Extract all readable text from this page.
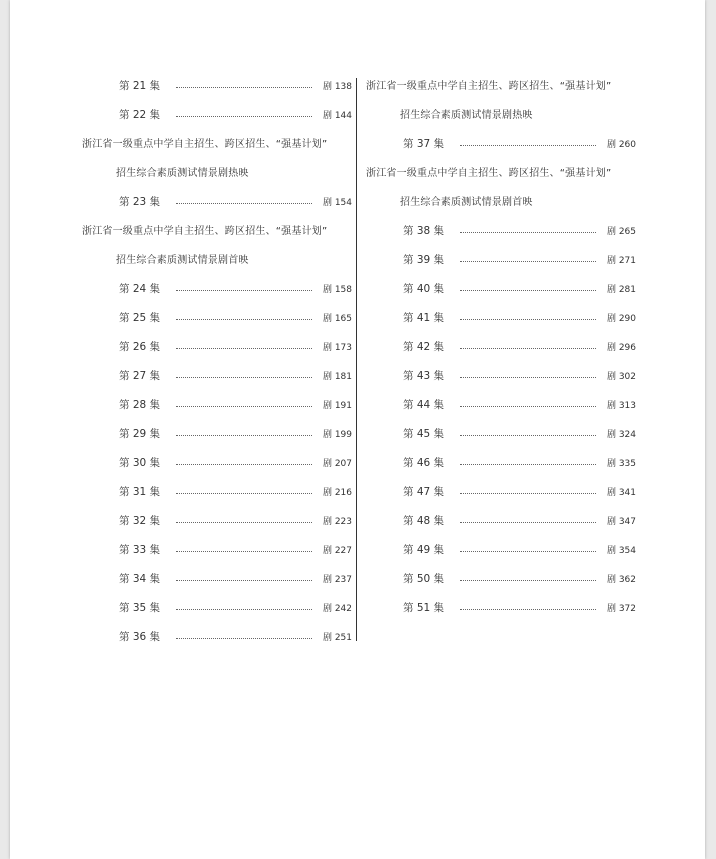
第 21 集	剧 138
第 22 集	剧 144
浙江省一级重点中学自主招生、跨区招生、“强基计划”
招生综合素质测试情景剧热映
第 23 集	剧 154
浙江省一级重点中学自主招生、跨区招生、“强基计划”
招生综合素质测试情景剧首映
第 24 集	剧 158
第 25 集	剧 165
第 26 集	剧 173
第 27 集	剧 181
第 28 集	剧 191
第 29 集	剧 199
第 30 集	剧 207
第 31 集	剧 216
第 32 集	剧 223
第 33 集	剧 227
第 34 集	剧 237
第 35 集	剧 242
第 36 集	剧 251
浙江省一级重点中学自主招生、跨区招生、“强基计划”
招生综合素质测试情景剧热映
第 37 集	剧 260
浙江省一级重点中学自主招生、跨区招生、“强基计划”
招生综合素质测试情景剧首映
第 38 集	剧 265
第 39 集	剧 271
第 40 集	剧 281
第 41 集	剧 290
第 42 集	剧 296
第 43 集	剧 302
第 44 集	剧 313
第 45 集	剧 324
第 46 集	剧 335
第 47 集	剧 341
第 48 集	剧 347
第 49 集	剧 354
第 50 集	剧 362
第 51 集	剧 372
